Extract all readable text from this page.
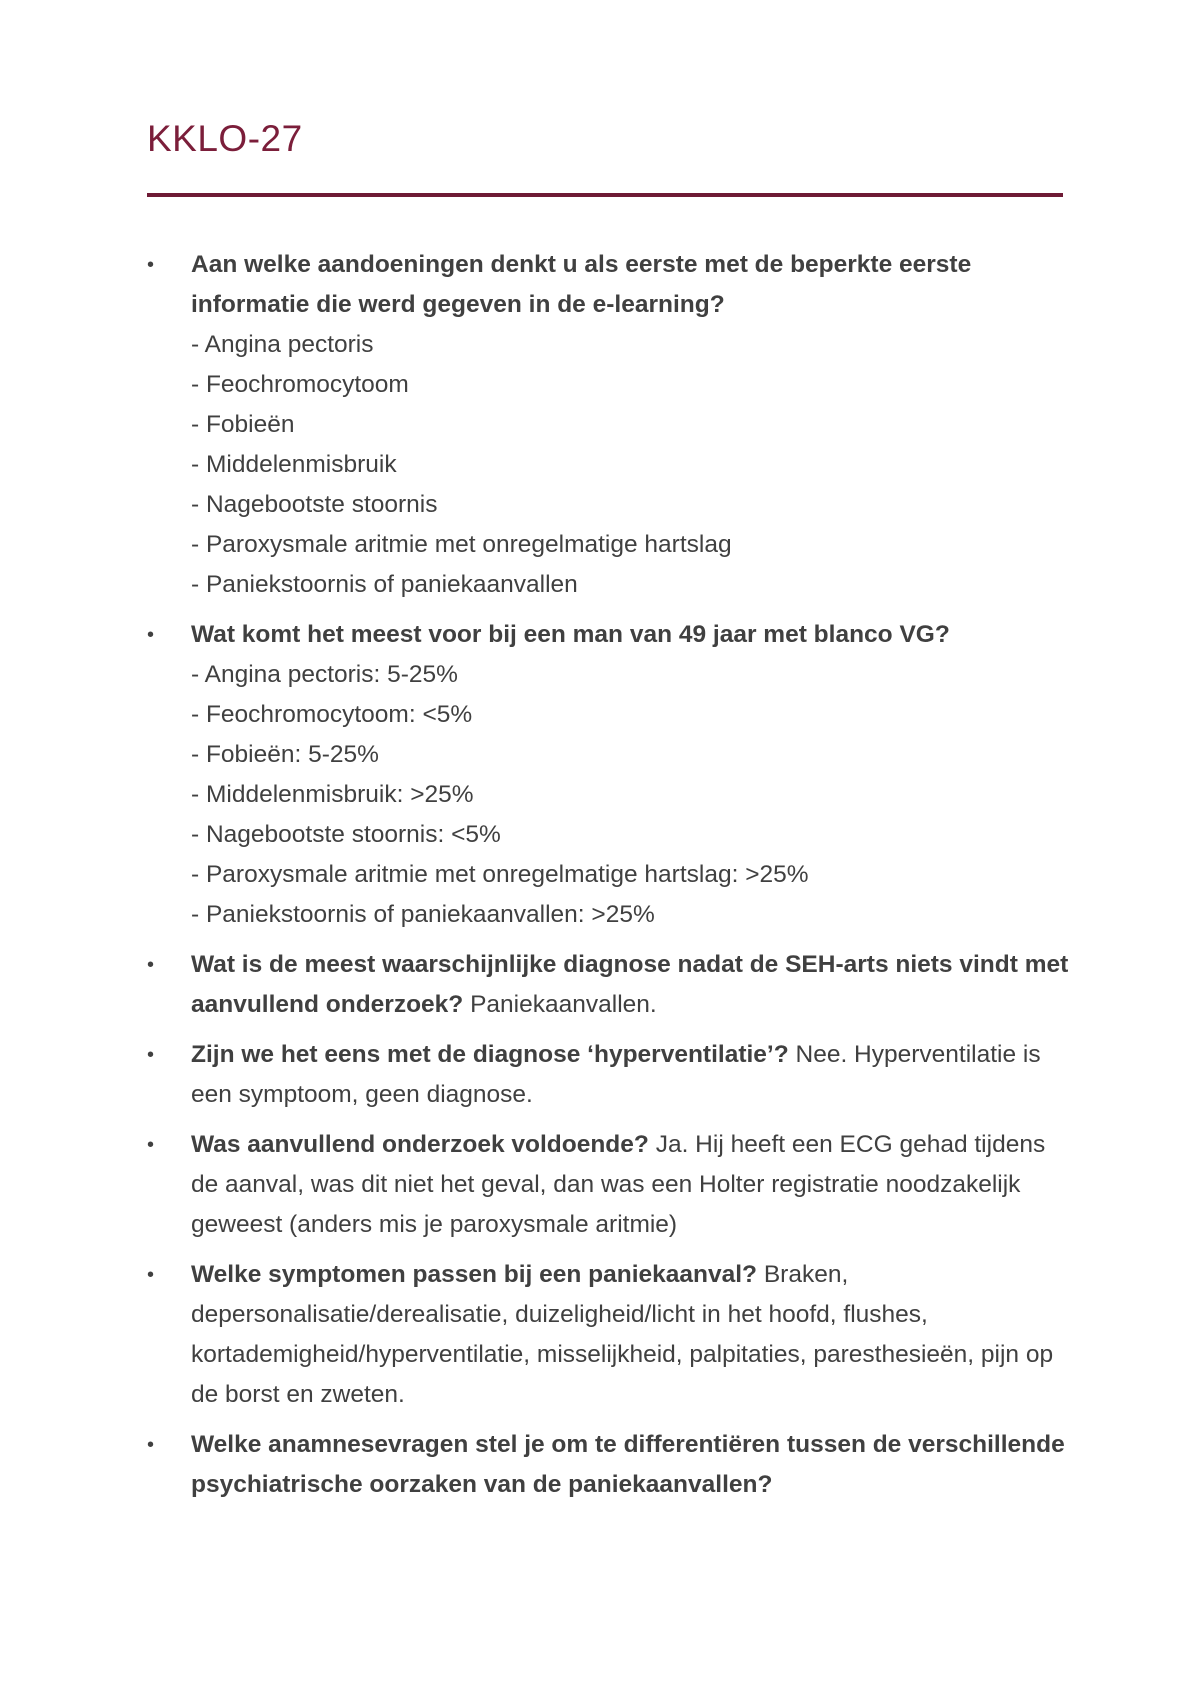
KKLO-27
• Aan welke aandoeningen denkt u als eerste met de beperkte eerste informatie die werd gegeven in de e-learning?
- Angina pectoris
- Feochromocytoom
- Fobieën
- Middelenmisbruik
- Nagebootste stoornis
- Paroxysmale aritmie met onregelmatige hartslag
- Paniekstoornis of paniekaanvallen
• Wat komt het meest voor bij een man van 49 jaar met blanco VG?
- Angina pectoris: 5-25%
- Feochromocytoom: <5%
- Fobieën: 5-25%
- Middelenmisbruik: >25%
- Nagebootste stoornis: <5%
- Paroxysmale aritmie met onregelmatige hartslag: >25%
- Paniekstoornis of paniekaanvallen: >25%
• Wat is de meest waarschijnlijke diagnose nadat de SEH-arts niets vindt met aanvullend onderzoek? Paniekaanvallen.
• Zijn we het eens met de diagnose ‘hyperventilatie’? Nee. Hyperventilatie is een symptoom, geen diagnose.
• Was aanvullend onderzoek voldoende? Ja. Hij heeft een ECG gehad tijdens de aanval, was dit niet het geval, dan was een Holter registratie noodzakelijk geweest (anders mis je paroxysmale aritmie)
• Welke symptomen passen bij een paniekaanval? Braken, depersonalisatie/derealisatie, duizeligheid/licht in het hoofd, flushes, kortademigheid/hyperventilatie, misselijkheid, palpitaties, paresthesieën, pijn op de borst en zweten.
• Welke anamnesevragen stel je om te differentiëren tussen de verschillende psychiatrische oorzaken van de paniekaanvallen?
